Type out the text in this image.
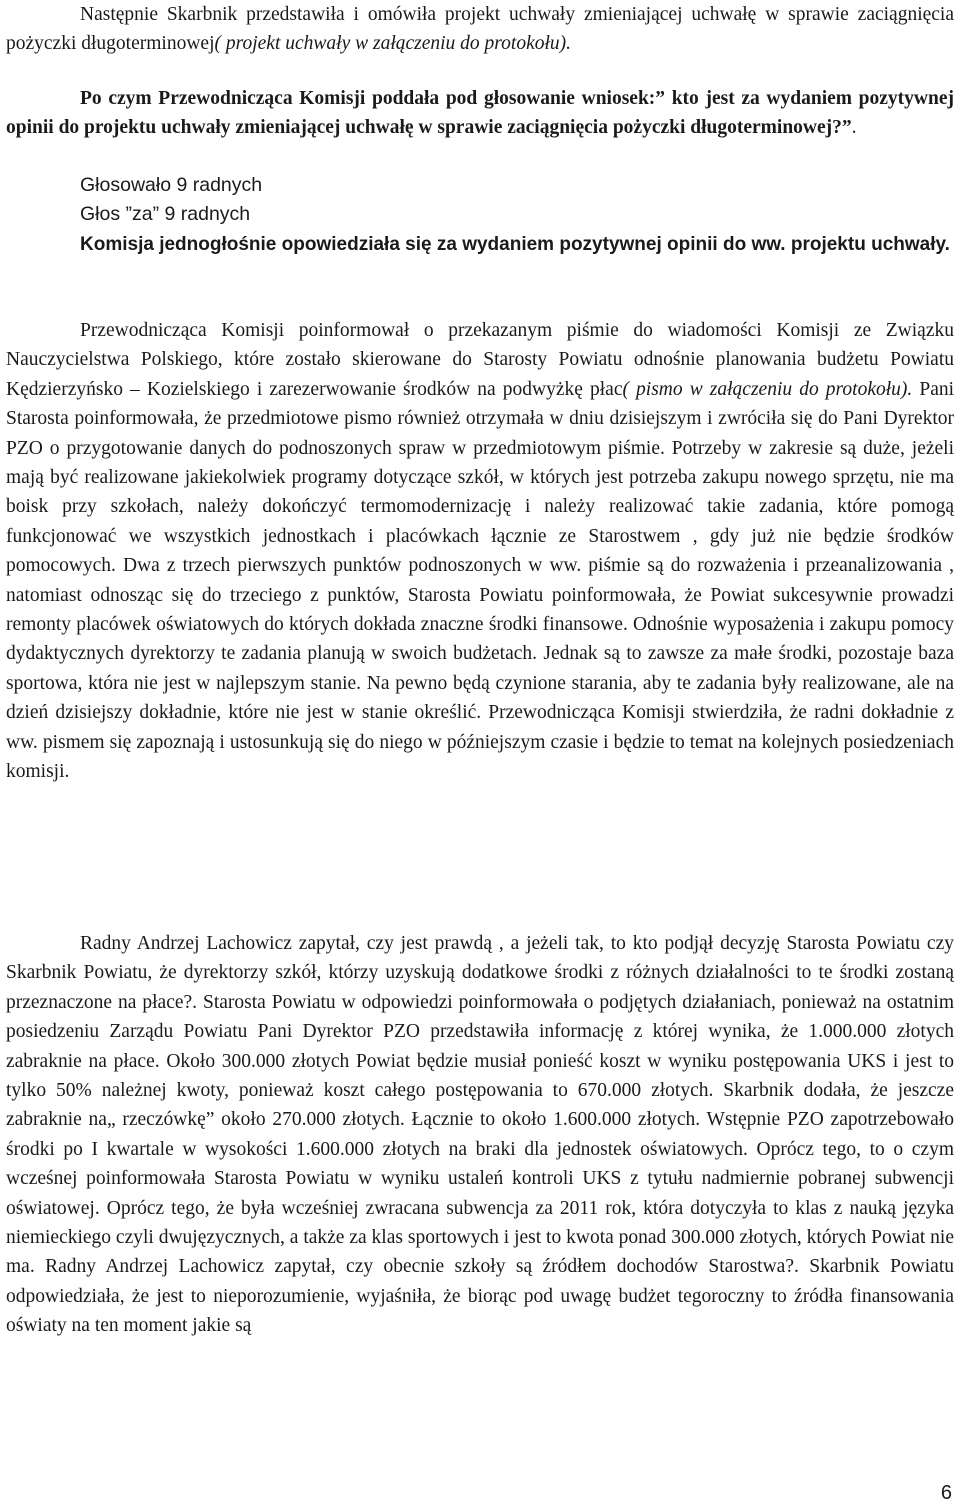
Następnie Skarbnik przedstawiła i omówiła projekt uchwały zmieniającej uchwałę w sprawie zaciągnięcia pożyczki długoterminowej( projekt uchwały w załączeniu do protokołu).

Po czym Przewodnicząca Komisji poddała pod głosowanie wniosek:” kto jest za wydaniem pozytywnej opinii do projektu uchwały zmieniającej uchwałę w sprawie zaciągnięcia pożyczki długoterminowej?”.

Głosowało 9 radnych

Głos ”za” 9 radnych

Komisja jednogłośnie opowiedziała się za wydaniem pozytywnej opinii do ww. projektu uchwały.

Przewodnicząca Komisji poinformował o przekazanym piśmie do wiadomości Komisji ze Związku Nauczycielstwa Polskiego, które zostało skierowane do Starosty Powiatu odnośnie planowania budżetu Powiatu Kędzierzyńsko – Kozielskiego i zarezerwowanie środków na podwyżkę płac( pismo w załączeniu do protokołu). Pani Starosta poinformowała, że przedmiotowe pismo również otrzymała w dniu dzisiejszym i zwróciła się do Pani Dyrektor PZO o przygotowanie danych do podnoszonych spraw w przedmiotowym piśmie. Potrzeby w zakresie są duże, jeżeli mają być realizowane jakiekolwiek programy dotyczące szkół, w których jest potrzeba zakupu nowego sprzętu, nie ma boisk przy szkołach, należy dokończyć termomodernizację i należy realizować takie zadania, które pomogą funkcjonować we wszystkich jednostkach i placówkach łącznie ze Starostwem , gdy już nie będzie środków pomocowych. Dwa z trzech pierwszych punktów podnoszonych w ww. piśmie są do rozważenia i przeanalizowania , natomiast odnosząc się do trzeciego z punktów, Starosta Powiatu poinformowała, że Powiat sukcesywnie prowadzi remonty placówek oświatowych do których dokłada znaczne środki finansowe. Odnośnie wyposażenia i zakupu pomocy dydaktycznych dyrektorzy te zadania planują w swoich budżetach. Jednak są to zawsze za małe środki, pozostaje baza sportowa, która nie jest w najlepszym stanie. Na pewno będą czynione starania, aby te zadania były realizowane, ale na dzień dzisiejszy dokładnie, które nie jest w stanie określić. Przewodnicząca Komisji stwierdziła, że radni dokładnie z ww. pismem się zapoznają i ustosunkują się do niego w późniejszym czasie i będzie to temat na kolejnych posiedzeniach komisji.

Radny Andrzej Lachowicz zapytał, czy jest prawdą , a jeżeli tak, to kto podjął decyzję Starosta Powiatu czy Skarbnik Powiatu, że dyrektorzy szkół, którzy uzyskują dodatkowe środki z różnych działalności to te środki zostaną przeznaczone na płace?. Starosta Powiatu w odpowiedzi poinformowała o podjętych działaniach, ponieważ na ostatnim posiedzeniu Zarządu Powiatu Pani Dyrektor PZO przedstawiła informację z której wynika, że 1.000.000 złotych zabraknie na płace. Około 300.000 złotych Powiat będzie musiał ponieść koszt w wyniku postępowania UKS i jest to tylko 50% należnej kwoty, ponieważ koszt całego postępowania to 670.000 złotych. Skarbnik dodała, że jeszcze zabraknie na„ rzeczówkę” około 270.000 złotych. Łącznie to około 1.600.000 złotych. Wstępnie PZO zapotrzebowało środki po I kwartale w wysokości 1.600.000 złotych na braki dla jednostek oświatowych. Oprócz tego, to o czym wcześnej poinformowała Starosta Powiatu w wyniku ustaleń kontroli UKS z tytułu nadmiernie pobranej subwencji oświatowej. Oprócz tego, że była wcześniej zwracana subwencja za 2011 rok, która dotyczyła to klas z nauką języka niemieckiego czyli dwujęzycznych, a także za klas sportowych i jest to kwota ponad 300.000 złotych, których Powiat nie ma. Radny Andrzej Lachowicz zapytał, czy obecnie szkoły są źródłem dochodów Starostwa?. Skarbnik Powiatu odpowiedziała, że jest to nieporozumienie, wyjaśniła, że biorąc pod uwagę budżet tegoroczny to źródła finansowania oświaty na ten moment jakie są

6
